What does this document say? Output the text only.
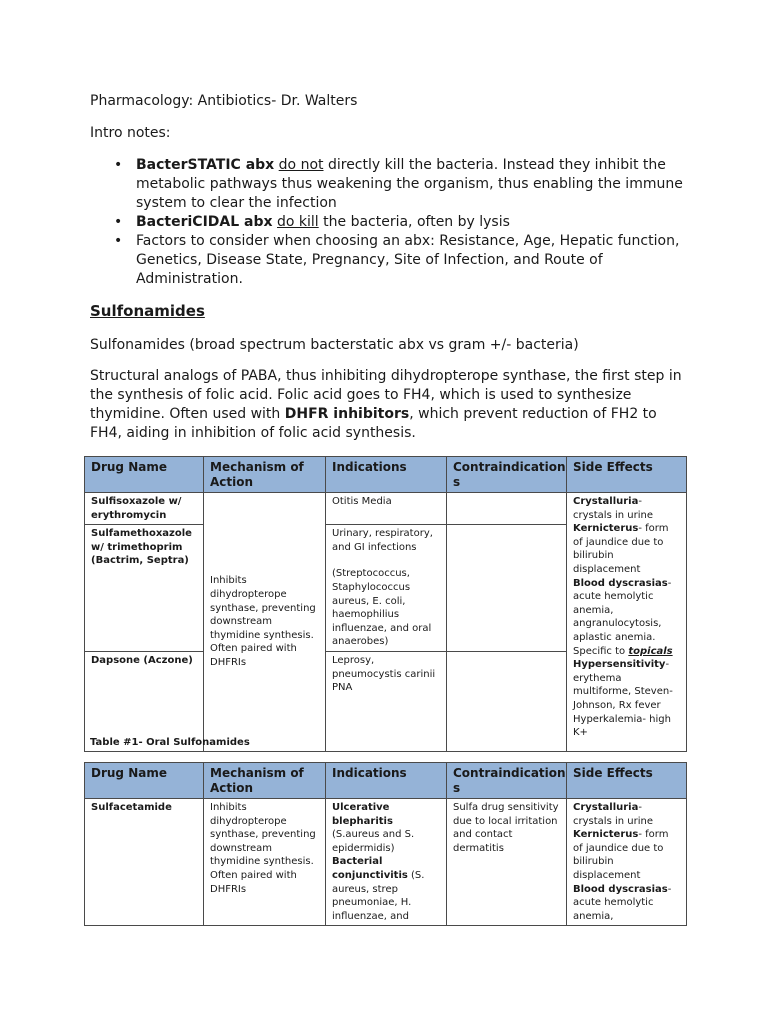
Pharmacology: Antibiotics- Dr. Walters
Intro notes:
• BacterSTATIC abx do not directly kill the bacteria. Instead they inhibit the metabolic pathways thus weakening the organism, thus enabling the immune system to clear the infection
• BacteriCIDAL abx do kill the bacteria, often by lysis
• Factors to consider when choosing an abx: Resistance, Age, Hepatic function, Genetics, Disease State, Pregnancy, Site of Infection, and Route of Administration.
Sulfonamides
Sulfonamides (broad spectrum bacterstatic abx vs gram +/- bacteria)
Structural analogs of PABA, thus inhibiting dihydropterope synthase, the first step in the synthesis of folic acid. Folic acid goes to FH4, which is used to synthesize thymidine. Often used with DHFR inhibitors, which prevent reduction of FH2 to FH4, aiding in inhibition of folic acid synthesis.
Drug Name	Mechanism of Action	Indications	Contraindication s	Side Effects
Sulfisoxazole w/ erythromycin	Inhibits dihydropterope synthase, preventing downstream thymidine synthesis. Often paired with DHFRIs	Otitis Media		Crystalluria- crystals in urine
Kernicterus- form of jaundice due to bilirubin displacement
Blood dyscrasias- acute hemolytic anemia, angranulocytosis, aplastic anemia. Specific to topicals
Hypersensitivity- erythema multiforme, Steven-Johnson, Rx fever
Hyperkalemia- high K+
Sulfamethoxazole w/ trimethoprim (Bactrim, Septra)		Urinary, respiratory, and GI infections
(Streptococcus, Staphylococcus aureus, E. coli, haemophilius influenzae, and oral anaerobes)		

Dapsone (Aczone)		Leprosy, pneumocystis carinii PNA		
Table #1- Oral Sulfonamides
Drug Name	Mechanism of Action	Indications	Contraindication s	Side Effects
Sulfacetamide	Inhibits dihydropterope synthase, preventing downstream thymidine synthesis. Often paired with DHFRIs	Ulcerative blepharitis
(S.aureus and S. epidermidis)
Bacterial conjunctivitis (S. aureus, strep pneumoniae, H. influenzae, and	Sulfa drug sensitivity due to local irritation and contact dermatitis	Crystalluria- crystals in urine
Kernicterus- form of jaundice due to bilirubin displacement
Blood dyscrasias- acute hemolytic anemia,
